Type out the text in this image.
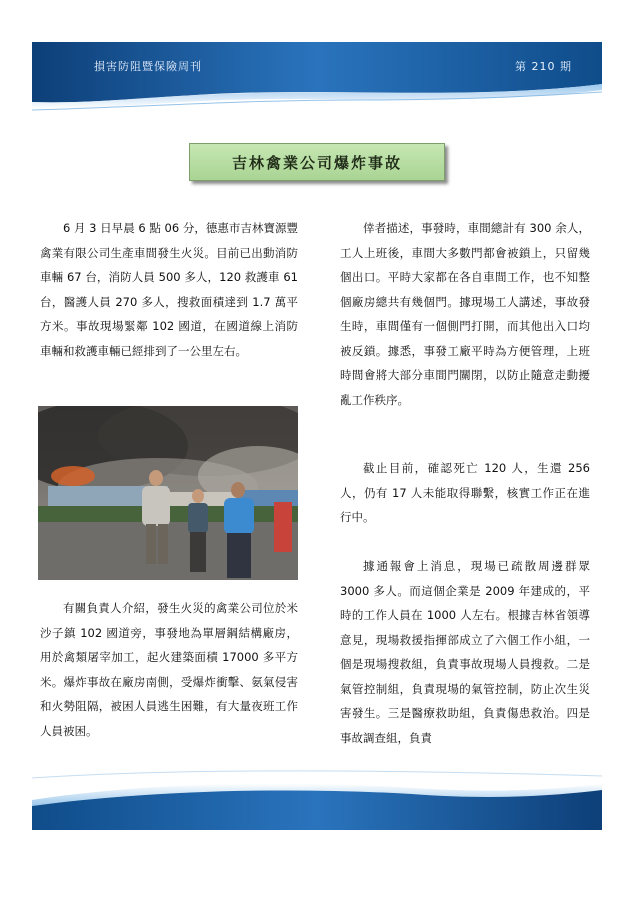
損害防阻暨保險周刊	第 210 期
吉林禽業公司爆炸事故

6 月 3 日早晨 6 點 06 分，德惠市吉林寶源豐禽業有限公司生產車間發生火災。目前已出動消防車輛 67 台，消防人員 500 多人，120 救護車 61 台，醫護人員 270 多人，搜救面積達到 1.7 萬平方米。事故現場緊鄰 102 國道，在國道線上消防車輛和救護車輛已經排到了一公里左右。

有關負責人介紹，發生火災的禽業公司位於米沙子鎮 102 國道旁，事發地為單層鋼結構廠房，用於禽類屠宰加工，起火建築面積 17000 多平方米。爆炸事故在廠房南側，受爆炸衝擊、氨氣侵害和火勢阻隔，被困人員逃生困難，有大量夜班工作人員被困。

倖者描述，事發時，車間總計有 300 余人，工人上班後，車間大多數門都會被鎖上，只留幾個出口。平時大家都在各自車間工作，也不知整個廠房總共有幾個門。據現場工人講述，事故發生時，車間僅有一個側門打開，而其他出入口均被反鎖。據悉，事發工廠平時為方便管理，上班時間會將大部分車間門關閉，以防止隨意走動擾亂工作秩序。

截止目前，確認死亡 120 人，生還 256 人，仍有 17 人未能取得聯繫，核實工作正在進行中。

據通報會上消息，現場已疏散周邊群眾 3000 多人。而這個企業是 2009 年建成的，平時的工作人員在 1000 人左右。根據吉林省領導意見，現場救援指揮部成立了六個工作小組，一個是現場搜救組，負責事故現場人員搜救。二是氣管控制組，負責現場的氣管控制，防止次生災害發生。三是醫療救助組，負責傷患救治。四是事故調查組，負責
